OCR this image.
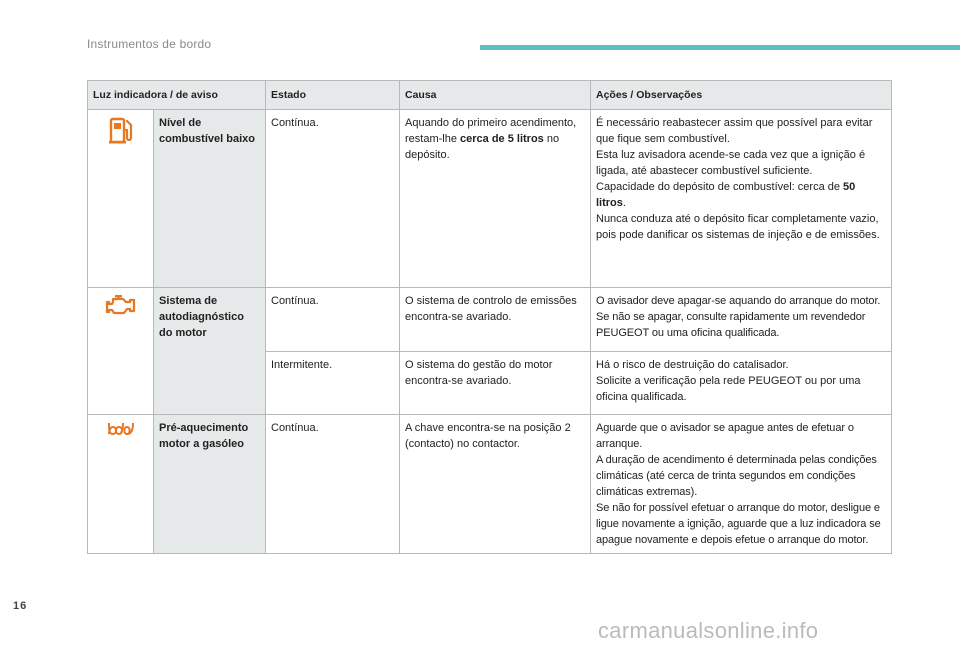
Instrumentos de bordo
Luz indicadora / de aviso		Estado	Causa	Ações / Observações

	Nível de combustível baixo	Contínua.	Aquando do primeiro acendimento, restam-lhe cerca de 5 litros no depósito.	É necessário reabastecer assim que possível para evitar que fique sem combustível.
Esta luz avisadora acende-se cada vez que a ignição é ligada, até abastecer combustível suficiente.
Capacidade do depósito de combustível: cerca de 50 litros.
Nunca conduza até o depósito ficar completamente vazio, pois pode danificar os sistemas de injeção e de emissões.

	Sistema de autodiagnóstico do motor	Contínua.	O sistema de controlo de emissões encontra-se avariado.	O avisador deve apagar-se aquando do arranque do motor. Se não se apagar, consulte rapidamente um revendedor PEUGEOT ou uma oficina qualificada.
		Intermitente.	O sistema do gestão do motor encontra-se avariado.	Há o risco de destruição do catalisador.
Solicite a verificação pela rede PEUGEOT ou por uma oficina qualificada.

	Pré-aquecimento motor a gasóleo	Contínua.	A chave encontra-se na posição 2 (contacto) no contactor.	Aguarde que o avisador se apague antes de efetuar o arranque.
A duração de acendimento é determinada pelas condições climáticas (até cerca de trinta segundos em condições climáticas extremas).
Se não for possível efetuar o arranque do motor, desligue e ligue novamente a ignição, aguarde que a luz indicadora se apague novamente e depois efetue o arranque do motor.
16
carmanualsonline.info
